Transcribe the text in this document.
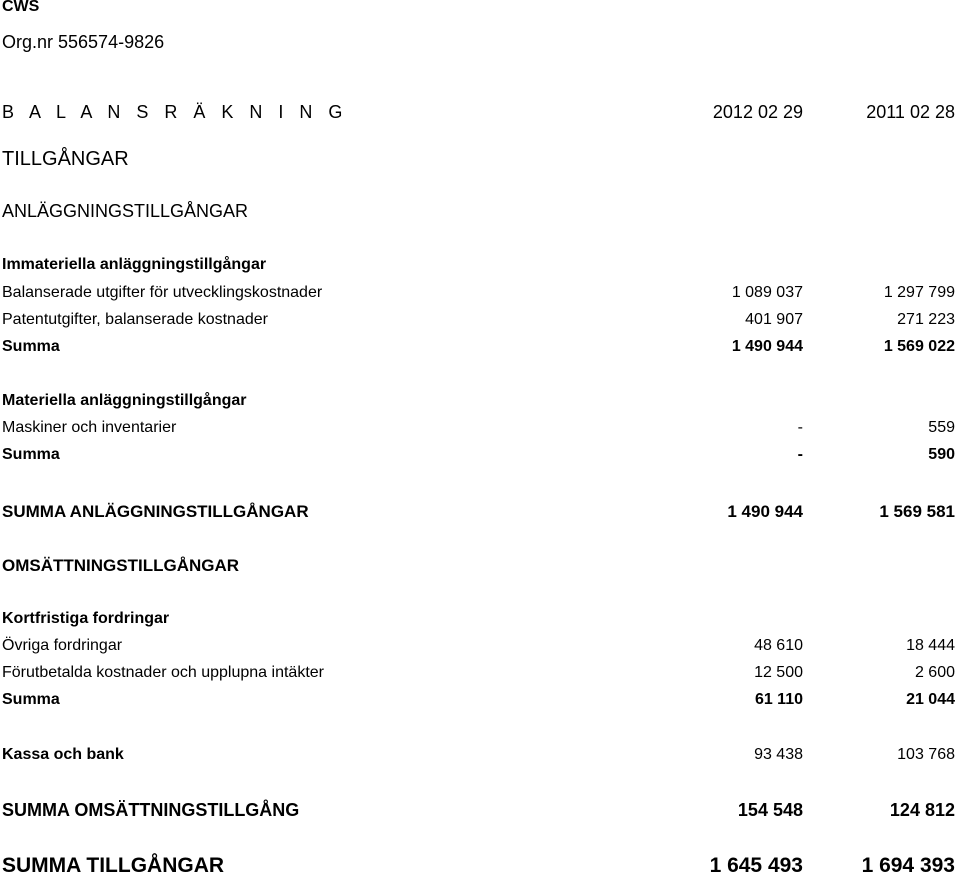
CWS
Org.nr 556574-9826
B A L A N S R Ä K N I N G	2012 02 29	2011 02 28
TILLGÅNGAR
ANLÄGGNINGSTILLGÅNGAR
Immateriella anläggningstillgångar
Balanserade utgifter för utvecklingskostnader	1 089 037	1 297 799
Patentutgifter, balanserade kostnader	401 907	271 223
Summa	1 490 944	1 569 022
Materiella anläggningstillgångar
Maskiner och inventarier	-	559
Summa	-	590
SUMMA ANLÄGGNINGSTILLGÅNGAR	1 490 944	1 569 581
OMSÄTTNINGSTILLGÅNGAR
Kortfristiga fordringar
Övriga fordringar	48 610	18 444
Förutbetalda kostnader och upplupna intäkter	12 500	2 600
Summa	61 110	21 044
Kassa och bank	93 438	103 768
SUMMA OMSÄTTNINGSTILLGÅNG	154 548	124 812
SUMMA TILLGÅNGAR	1 645 493	1 694 393
